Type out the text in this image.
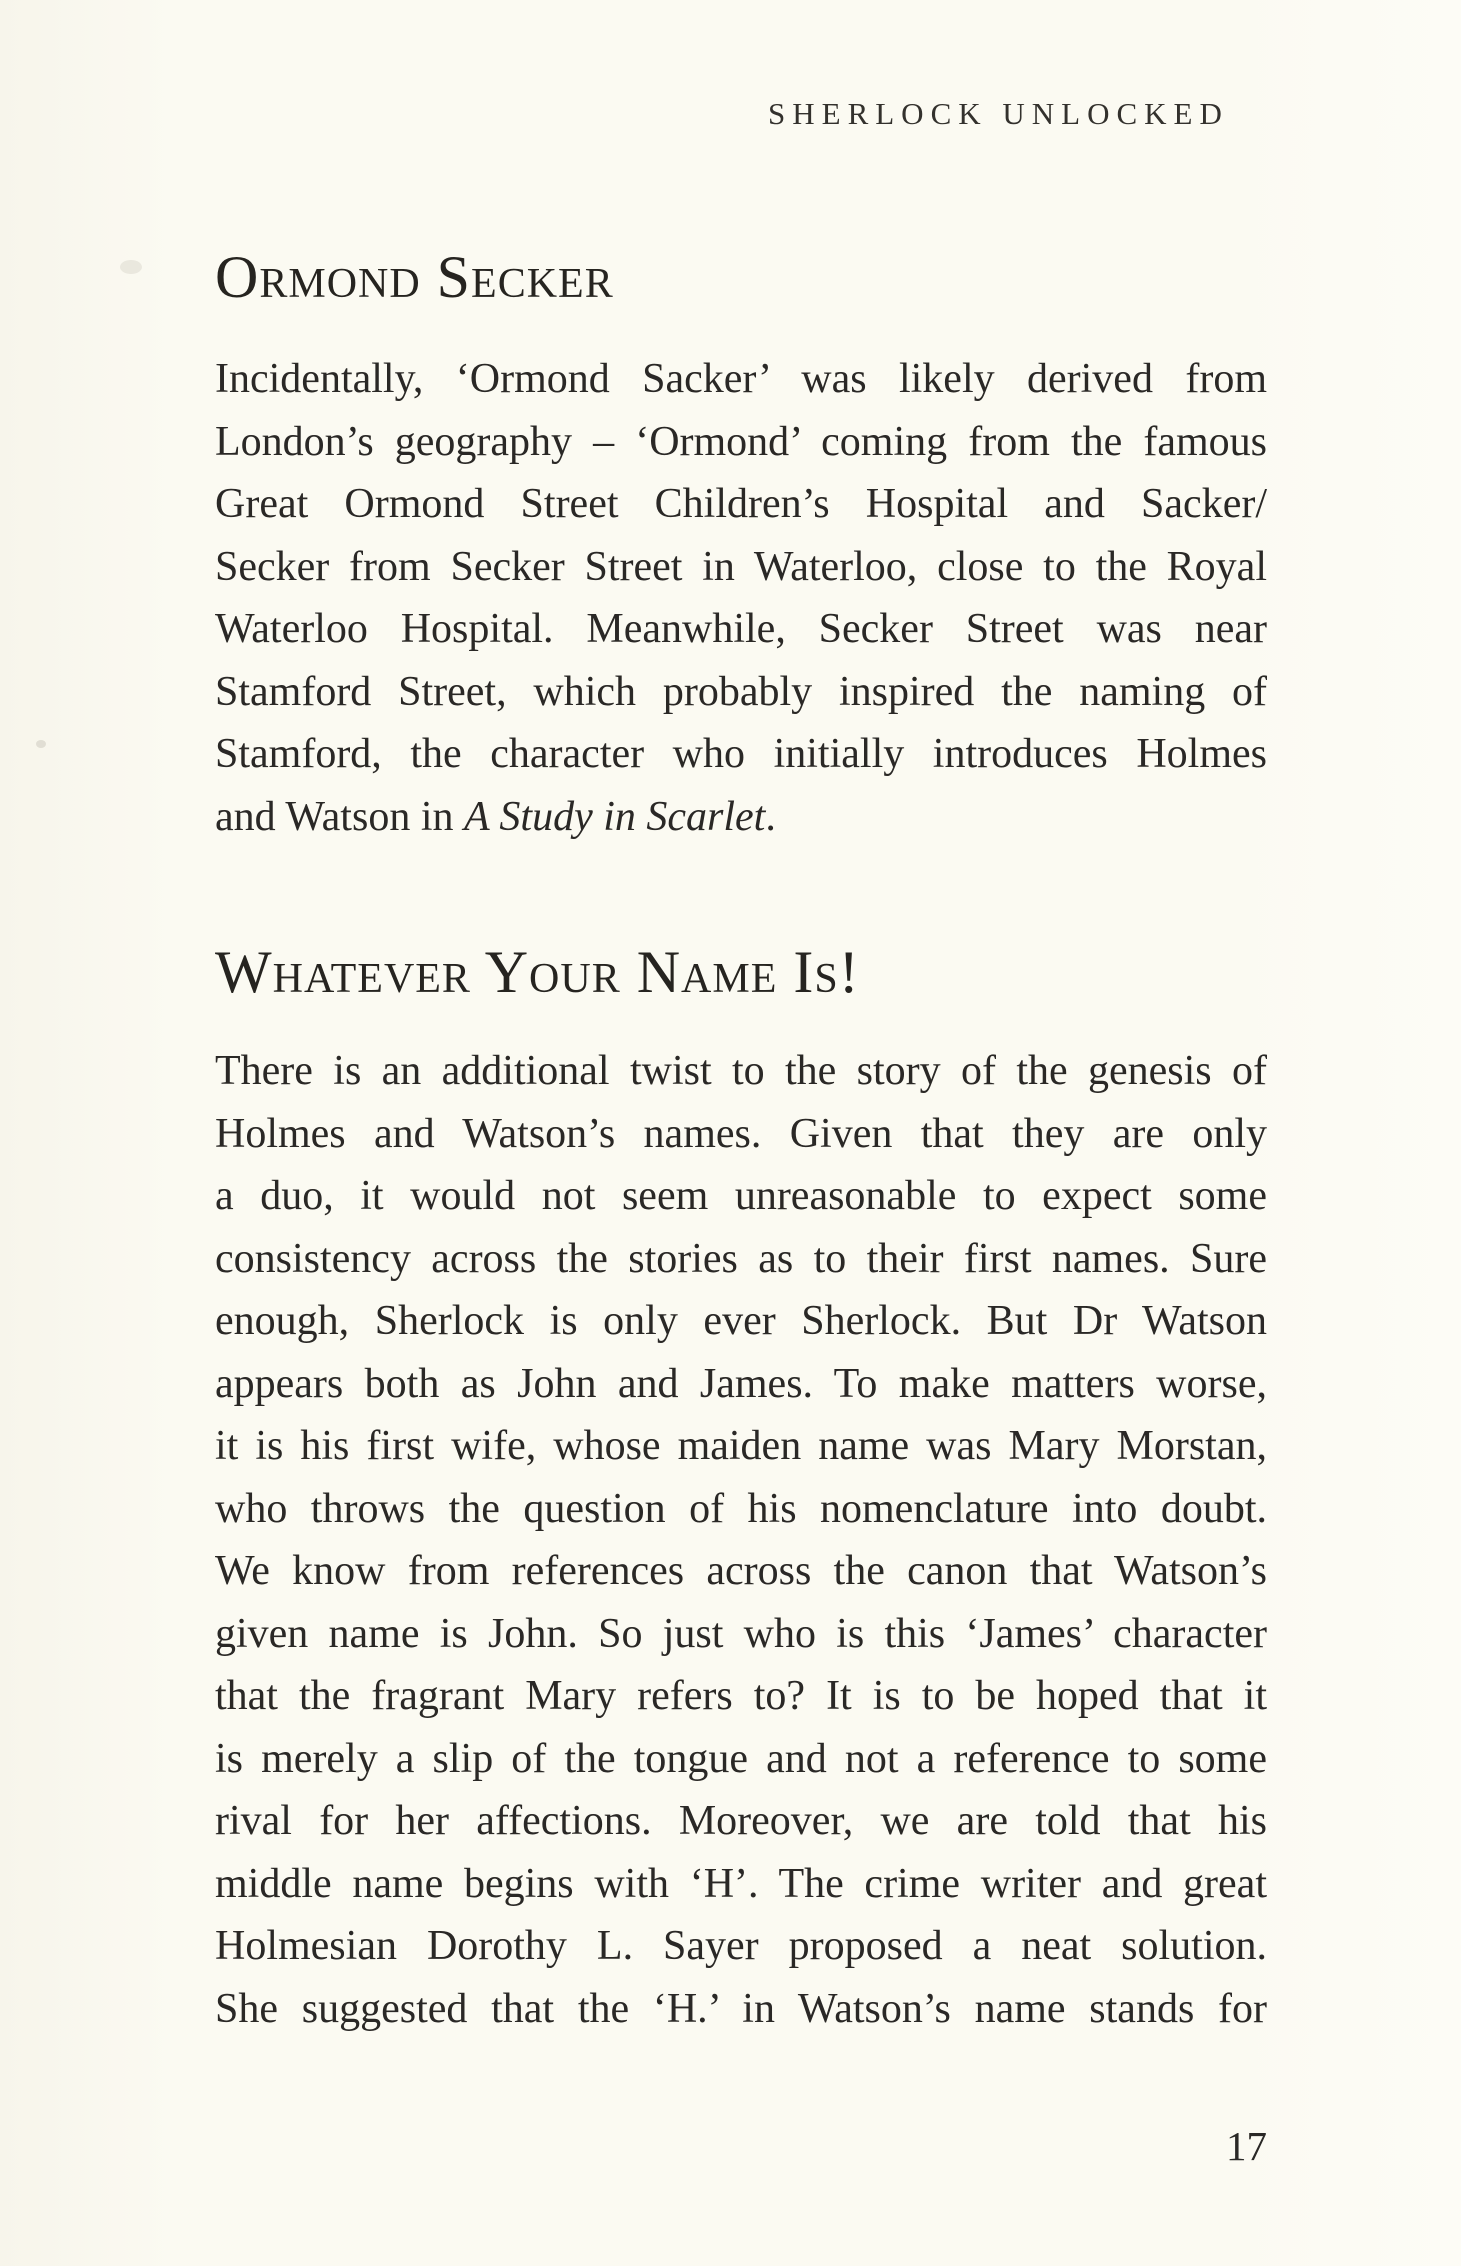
SHERLOCK UNLOCKED
Ormond Secker
Incidentally, ‘Ormond Sacker’ was likely derived from
London’s geography – ‘Ormond’ coming from the famous
Great Ormond Street Children’s Hospital and Sacker/
Secker from Secker Street in Waterloo, close to the Royal
Waterloo Hospital. Meanwhile, Secker Street was near
Stamford Street, which probably inspired the naming of
Stamford, the character who initially introduces Holmes
and Watson in A Study in Scarlet.
Whatever Your Name Is!
There is an additional twist to the story of the genesis of
Holmes and Watson’s names. Given that they are only
a duo, it would not seem unreasonable to expect some
consistency across the stories as to their first names. Sure
enough, Sherlock is only ever Sherlock. But Dr Watson
appears both as John and James. To make matters worse,
it is his first wife, whose maiden name was Mary Morstan,
who throws the question of his nomenclature into doubt.
We know from references across the canon that Watson’s
given name is John. So just who is this ‘James’ character
that the fragrant Mary refers to? It is to be hoped that it
is merely a slip of the tongue and not a reference to some
rival for her affections. Moreover, we are told that his
middle name begins with ‘H’. The crime writer and great
Holmesian Dorothy L. Sayer proposed a neat solution.
She suggested that the ‘H.’ in Watson’s name stands for
17
